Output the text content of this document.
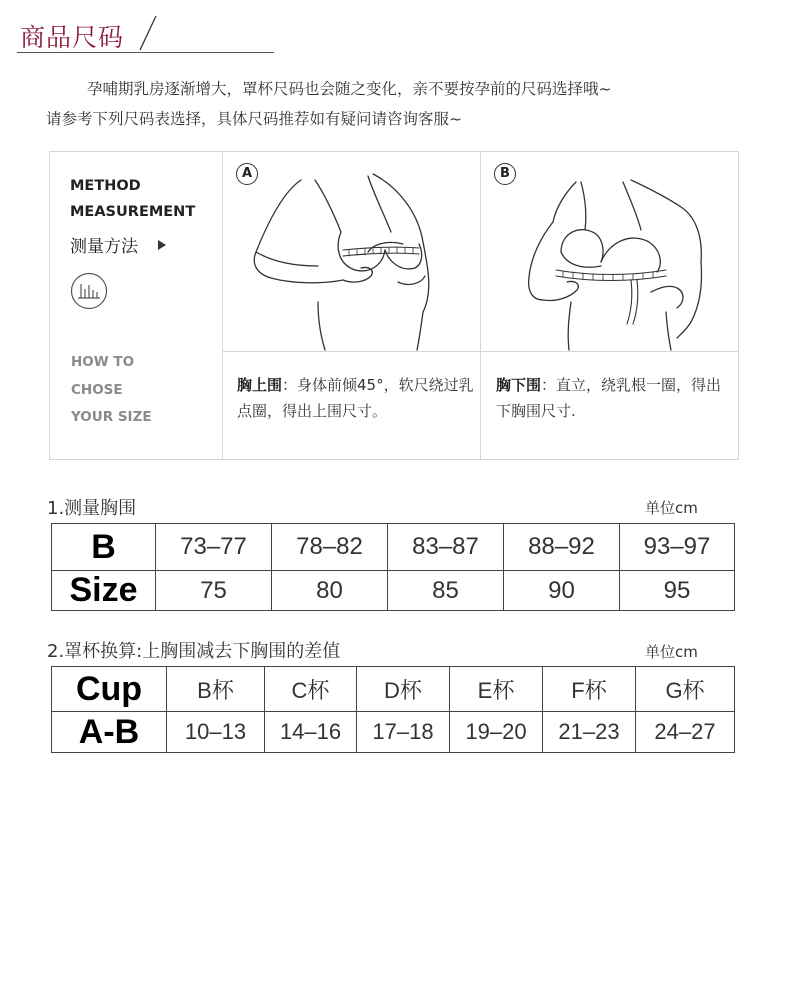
商品尺码
孕哺期乳房逐渐增大，罩杯尺码也会随之变化，亲不要按孕前的尺码选择哦~
请参考下列尺码表选择，具体尺码推荐如有疑问请咨询客服~
METHOD
MEASUREMENT
测量方法
HOW TO
CHOSE
YOUR SIZE
A
胸上围：身体前倾45°，软尺绕过乳点圈，得出上围尺寸。
B
胸下围：直立，绕乳根一圈，得出下胸围尺寸.
1.测量胸围	单位cm
B	73–77	78–82	83–87	88–92	93–97
Size	75	80	85	90	95
2.罩杯换算:上胸围减去下胸围的差值	单位cm
Cup	B杯	C杯	D杯	E杯	F杯	G杯
A-B	10–13	14–16	17–18	19–20	21–23	24–27
